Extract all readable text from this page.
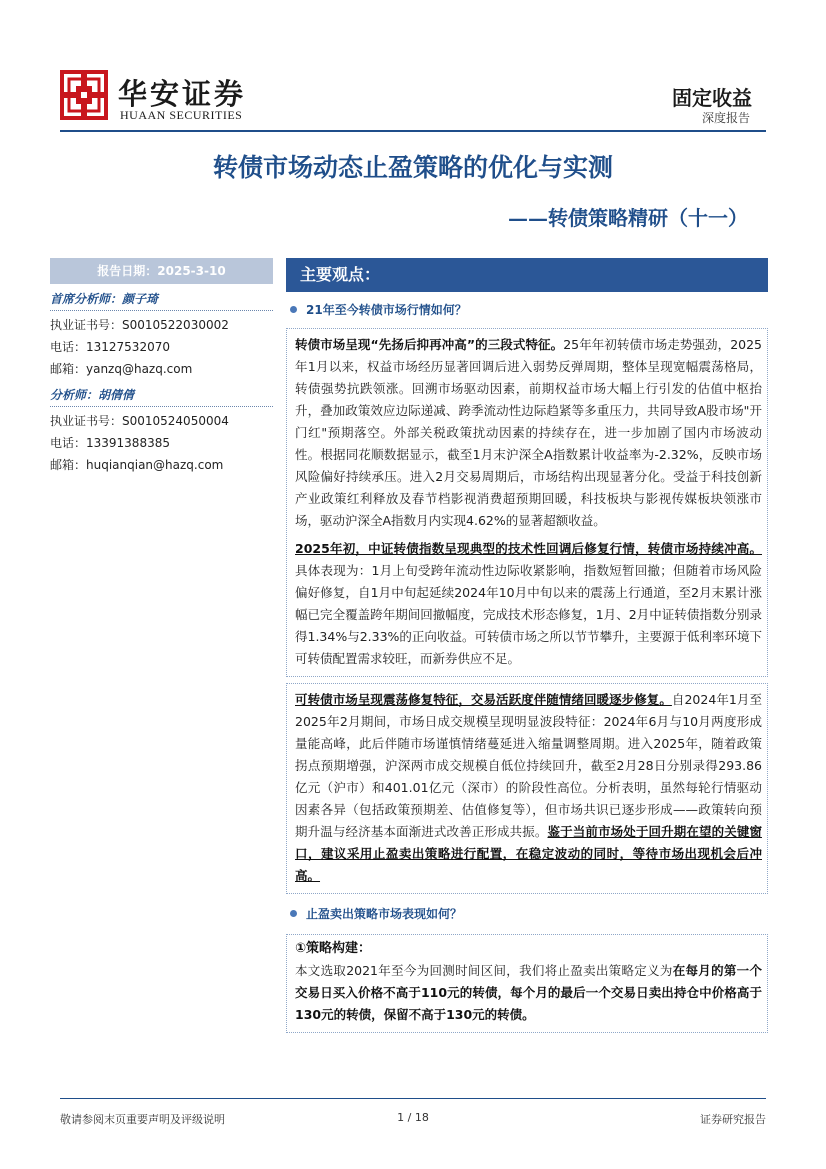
华安证券
HUAAN SECURITIES
固定收益
深度报告
转债市场动态止盈策略的优化与实测
——转债策略精研（十一）
报告日期：2025-3-10
首席分析师：颜子琦
执业证书号：S0010522030002
电话：13127532070
邮箱：yanzq@hazq.com
分析师：胡倩倩
执业证书号：S0010524050004
电话：13391388385
邮箱：huqianqian@hazq.com
主要观点：
21年至今转债市场行情如何？

转债市场呈现“先扬后抑再冲高”的三段式特征。25年年初转债市场走势强劲，2025年1月以来，权益市场经历显著回调后进入弱势反弹周期，整体呈现宽幅震荡格局，转债强势抗跌领涨。回溯市场驱动因素，前期权益市场大幅上行引发的估值中枢抬升，叠加政策效应边际递减、跨季流动性边际趋紧等多重压力，共同导致A股市场"开门红"预期落空。外部关税政策扰动因素的持续存在，进一步加剧了国内市场波动性。根据同花顺数据显示，截至1月末沪深全A指数累计收益率为-2.32%，反映市场风险偏好持续承压。进入2月交易周期后，市场结构出现显著分化。受益于科技创新产业政策红利释放及春节档影视消费超预期回暖，科技板块与影视传媒板块领涨市场，驱动沪深全A指数月内实现4.62%的显著超额收益。

2025年初，中证转债指数呈现典型的技术性回调后修复行情，转债市场持续冲高。具体表现为：1月上旬受跨年流动性边际收紧影响，指数短暂回撤；但随着市场风险偏好修复，自1月中旬起延续2024年10月中旬以来的震荡上行通道，至2月末累计涨幅已完全覆盖跨年期间回撤幅度，完成技术形态修复，1月、2月中证转债指数分别录得1.34%与2.33%的正向收益。可转债市场之所以节节攀升，主要源于低利率环境下可转债配置需求较旺，而新券供应不足。

可转债市场呈现震荡修复特征，交易活跃度伴随情绪回暖逐步修复。自2024年1月至2025年2月期间，市场日成交规模呈现明显波段特征：2024年6月与10月两度形成量能高峰，此后伴随市场谨慎情绪蔓延进入缩量调整周期。进入2025年，随着政策拐点预期增强，沪深两市成交规模自低位持续回升，截至2月28日分别录得293.86亿元（沪市）和401.01亿元（深市）的阶段性高位。分析表明，虽然每轮行情驱动因素各异（包括政策预期差、估值修复等），但市场共识已逐步形成——政策转向预期升温与经济基本面渐进式改善正形成共振。鉴于当前市场处于回升期在望的关键窗口，建议采用止盈卖出策略进行配置，在稳定波动的同时，等待市场出现机会后冲高。

止盈卖出策略市场表现如何？
①策略构建：

本文选取2021年至今为回测时间区间，我们将止盈卖出策略定义为在每月的第一个交易日买入价格不高于110元的转债，每个月的最后一个交易日卖出持仓中价格高于130元的转债，保留不高于130元的转债。

敬请参阅末页重要声明及评级说明	1 / 18	证券研究报告
